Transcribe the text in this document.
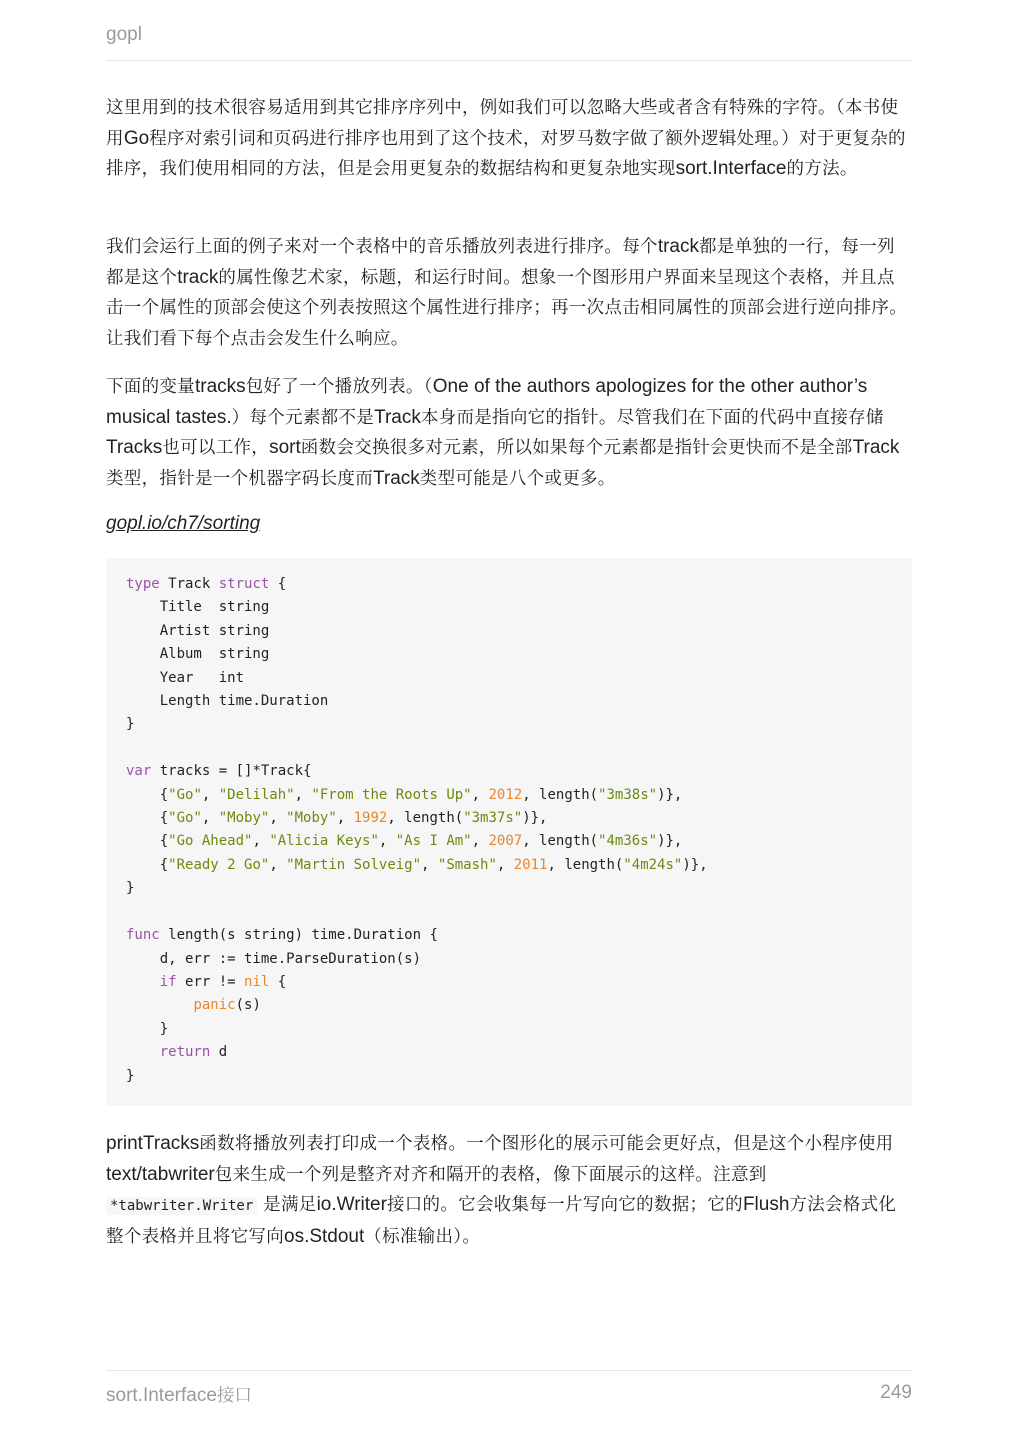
gopl

这里用到的技术很容易适用到其它排序序列中，例如我们可以忽略大些或者含有特殊的字符。（本书使用Go程序对索引词和页码进行排序也用到了这个技术，对罗马数字做了额外逻辑处理。）对于更复杂的排序，我们使用相同的方法，但是会用更复杂的数据结构和更复杂地实现sort.Interface的方法。

我们会运行上面的例子来对一个表格中的音乐播放列表进行排序。每个track都是单独的一行，每一列都是这个track的属性像艺术家，标题，和运行时间。想象一个图形用户界面来呈现这个表格，并且点击一个属性的顶部会使这个列表按照这个属性进行排序；再一次点击相同属性的顶部会进行逆向排序。让我们看下每个点击会发生什么响应。

下面的变量tracks包好了一个播放列表。（One of the authors apologizes for the other author’s musical tastes.）每个元素都不是Track本身而是指向它的指针。尽管我们在下面的代码中直接存储Tracks也可以工作，sort函数会交换很多对元素，所以如果每个元素都是指针会更快而不是全部Track类型，指针是一个机器字码长度而Track类型可能是八个或更多。

gopl.io/ch7/sorting
type Track struct {
Title  string
Artist string
Album  string
Year   int
Length time.Duration
}

var tracks = []*Track{
{"Go", "Delilah", "From the Roots Up", 2012, length("3m38s")},
{"Go", "Moby", "Moby", 1992, length("3m37s")},
{"Go Ahead", "Alicia Keys", "As I Am", 2007, length("4m36s")},
{"Ready 2 Go", "Martin Solveig", "Smash", 2011, length("4m24s")},
}

func length(s string) time.Duration {
d, err := time.ParseDuration(s)
if err != nil {
panic(s)
}
return d
}

printTracks函数将播放列表打印成一个表格。一个图形化的展示可能会更好点，但是这个小程序使用text/tabwriter包来生成一个列是整齐对齐和隔开的表格，像下面展示的这样。注意到 *tabwriter.Writer 是满足io.Writer接口的。它会收集每一片写向它的数据；它的Flush方法会格式化整个表格并且将它写向os.Stdout（标准输出）。

sort.Interface接口	249
